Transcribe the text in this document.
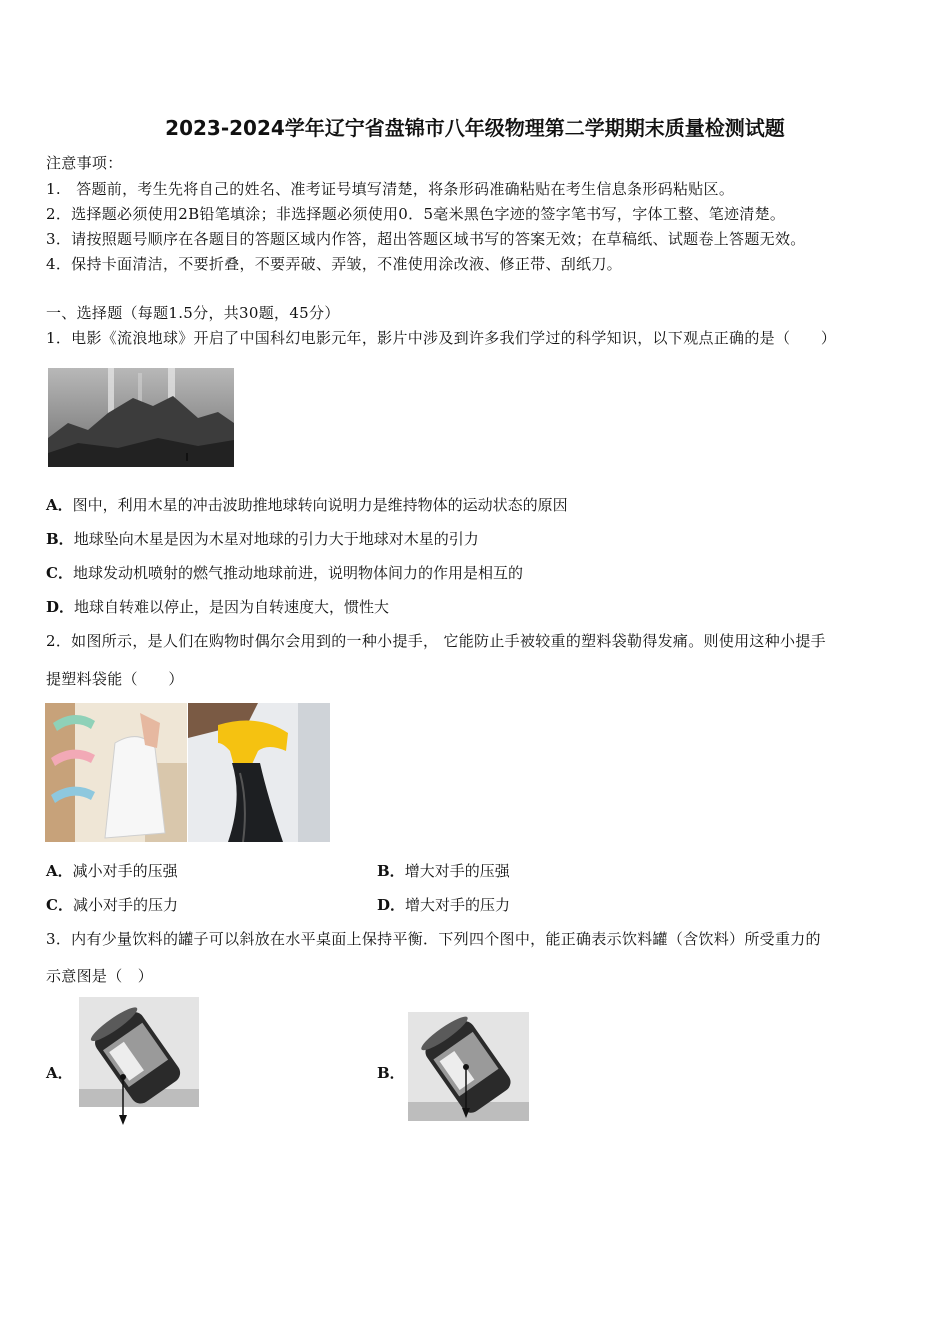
2023-2024学年辽宁省盘锦市八年级物理第二学期期末质量检测试题
注意事项：
1.　答题前，考生先将自己的姓名、准考证号填写清楚，将条形码准确粘贴在考生信息条形码粘贴区。
2．选择题必须使用2B铅笔填涂；非选择题必须使用0．5毫米黑色字迹的签字笔书写，字体工整、笔迹清楚。
3．请按照题号顺序在各题目的答题区域内作答，超出答题区域书写的答案无效；在草稿纸、试题卷上答题无效。
4．保持卡面清洁，不要折叠，不要弄破、弄皱，不准使用涂改液、修正带、刮纸刀。
一、选择题（每题1.5分，共30题，45分）
1．电影《流浪地球》开启了中国科幻电影元年，影片中涉及到许多我们学过的科学知识，以下观点正确的是（　　）
A．图中，利用木星的冲击波助推地球转向说明力是维持物体的运动状态的原因
B．地球坠向木星是因为木星对地球的引力大于地球对木星的引力
C．地球发动机喷射的燃气推动地球前进，说明物体间力的作用是相互的
D．地球自转难以停止，是因为自转速度大，惯性大
2．如图所示，是人们在购物时偶尔会用到的一种小提手， 它能防止手被较重的塑料袋勒得发痛。则使用这种小提手
提塑料袋能（　　）
A．减小对手的压强	B．增大对手的压强
C．减小对手的压力	D．增大对手的压力
3．内有少量饮料的罐子可以斜放在水平桌面上保持平衡．下列四个图中，能正确表示饮料罐（含饮料）所受重力的
示意图是（　）
A．	B．
